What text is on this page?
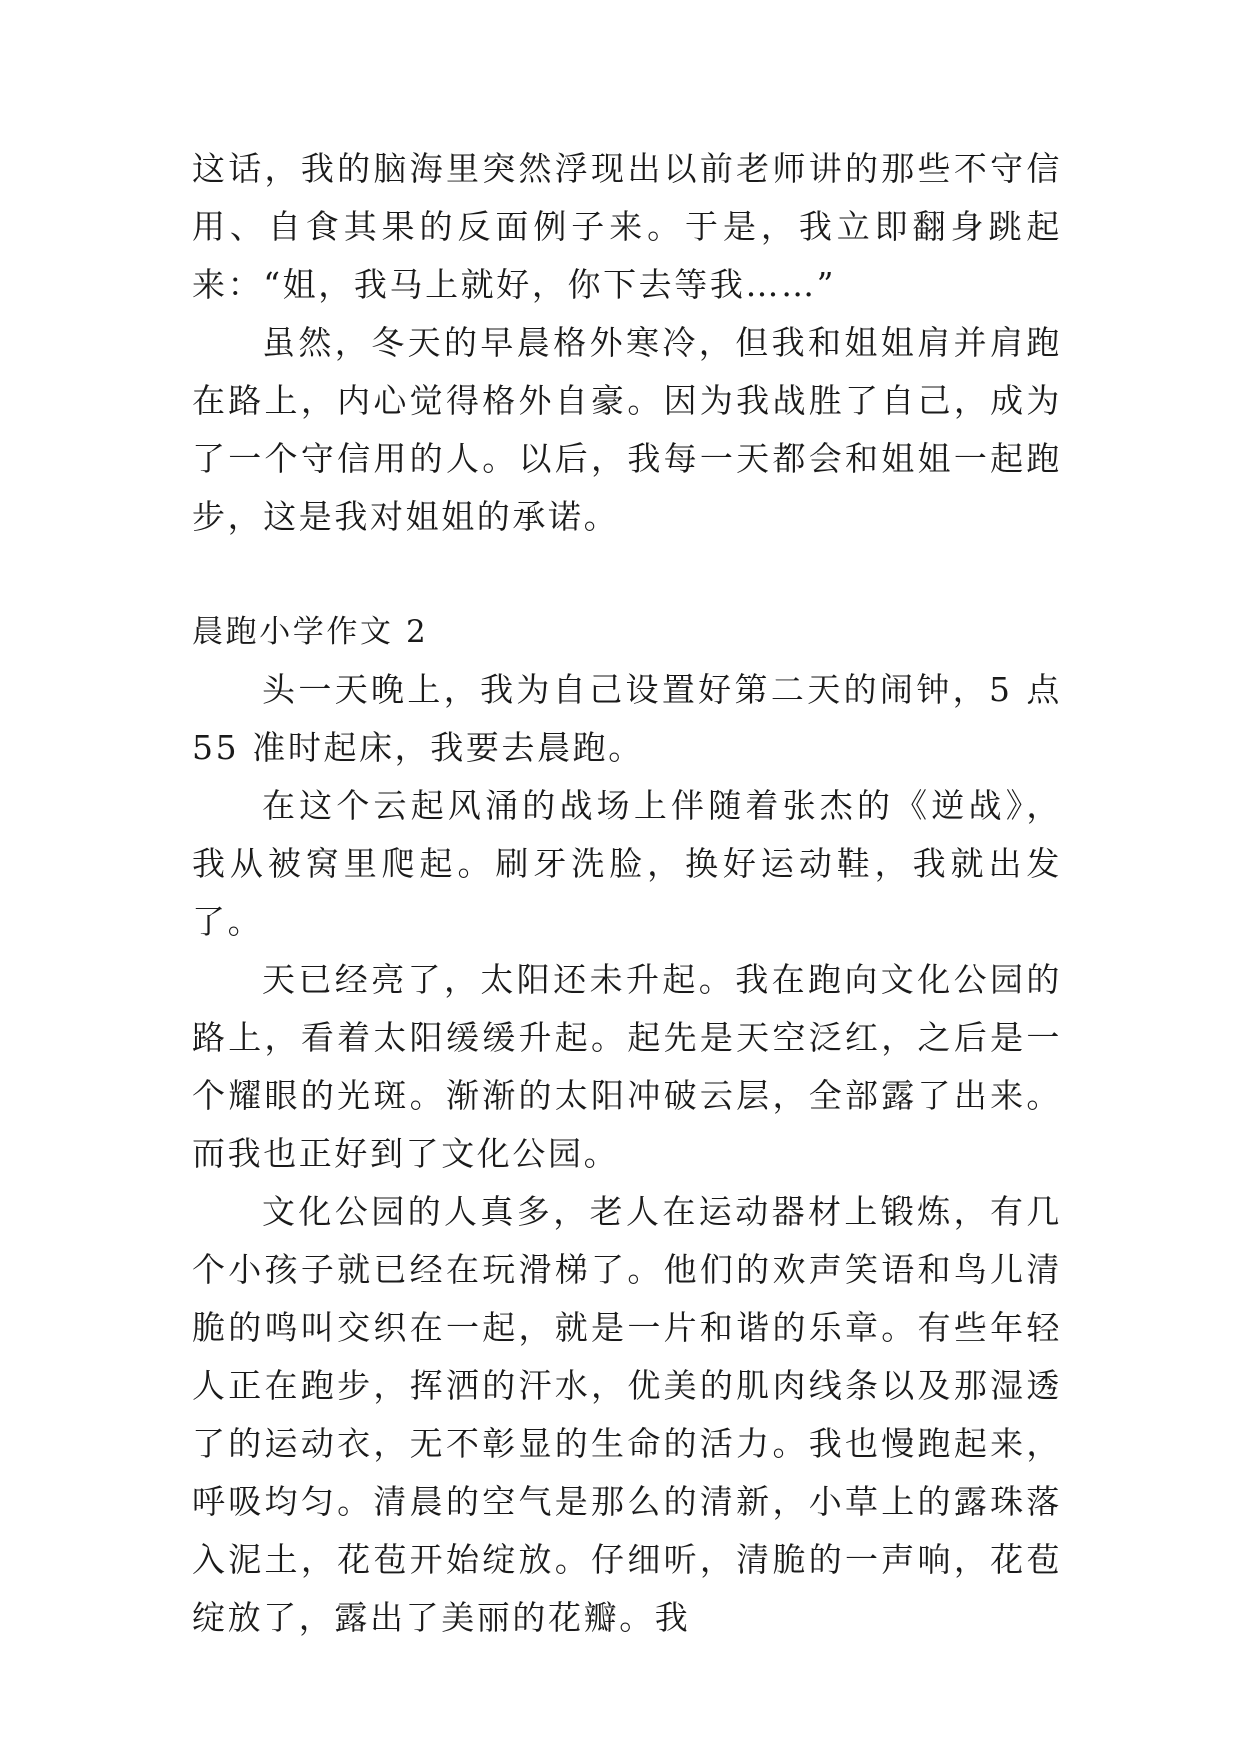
这话，我的脑海里突然浮现出以前老师讲的那些不守信用、自食其果的反面例子来。于是，我立即翻身跳起来：“姐，我马上就好，你下去等我……”

虽然，冬天的早晨格外寒冷，但我和姐姐肩并肩跑在路上，内心觉得格外自豪。因为我战胜了自己，成为了一个守信用的人。以后，我每一天都会和姐姐一起跑步，这是我对姐姐的承诺。

晨跑小学作文 2

头一天晚上，我为自己设置好第二天的闹钟，5 点 55 准时起床，我要去晨跑。

在这个云起风涌的战场上伴随着张杰的《逆战》，我从被窝里爬起。刷牙洗脸，换好运动鞋，我就出发了。

天已经亮了，太阳还未升起。我在跑向文化公园的路上，看着太阳缓缓升起。起先是天空泛红，之后是一个耀眼的光斑。渐渐的太阳冲破云层，全部露了出来。而我也正好到了文化公园。

文化公园的人真多，老人在运动器材上锻炼，有几个小孩子就已经在玩滑梯了。他们的欢声笑语和鸟儿清脆的鸣叫交织在一起，就是一片和谐的乐章。有些年轻人正在跑步，挥洒的汗水，优美的肌肉线条以及那湿透了的运动衣，无不彰显的生命的活力。我也慢跑起来，呼吸均匀。清晨的空气是那么的清新，小草上的露珠落入泥土，花苞开始绽放。仔细听，清脆的一声响，花苞绽放了，露出了美丽的花瓣。我
